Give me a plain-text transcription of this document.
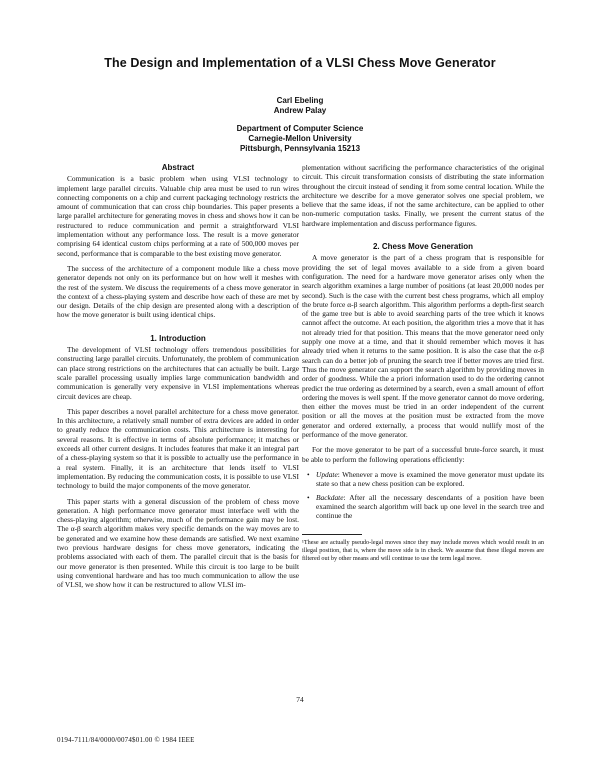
The Design and Implementation of a VLSI Chess Move Generator
Carl Ebeling
Andrew Palay
Department of Computer Science
Carnegie-Mellon University
Pittsburgh, Pennsylvania 15213
Abstract

Communication is a basic problem when using VLSI technology to implement large parallel circuits. Valuable chip area must be used to run wires connecting components on a chip and current packaging technology restricts the amount of communication that can cross chip boundaries. This paper presents a large parallel architecture for generating moves in chess and shows how it can be restructured to reduce communication and permit a straightforward VLSI implementation without any performance loss. The result is a move generator comprising 64 identical custom chips performing at a rate of 500,000 moves per second, performance that is comparable to the best existing move generator.

The success of the architecture of a component module like a chess move generator depends not only on its performance but on how well it meshes with the rest of the system. We discuss the requirements of a chess move generator in the context of a chess-playing system and describe how each of these are met by our design. Details of the chip design are presented along with a description of how the move generator is built using identical chips.

1. Introduction

The development of VLSI technology offers tremendous possibilities for constructing large parallel circuits. Unfortunately, the problem of communication can place strong restrictions on the architectures that can actually be built. Large scale parallel processing usually implies large communication bandwidth and communication is generally very expensive in VLSI implementations whereas circuit devices are cheap.

This paper describes a novel parallel architecture for a chess move generator. In this architecture, a relatively small number of extra devices are added in order to greatly reduce the communication costs. This architecture is interesting for several reasons. It is effective in terms of absolute performance; it matches or exceeds all other current designs. It includes features that make it an integral part of a chess-playing system so that it is possible to actually use the performance in a real system. Finally, it is an architecture that lends itself to VLSI implementation. By reducing the communication costs, it is possible to use VLSI technology to build the major components of the move generator.

This paper starts with a general discussion of the problem of chess move generation. A high performance move generator must interface well with the chess-playing algorithm; otherwise, much of the performance gain may be lost. The α-β search algorithm makes very specific demands on the way moves are to be generated and we examine how these demands are satisfied. We next examine two previous hardware designs for chess move generators, indicating the problems associated with each of them. The parallel circuit that is the basis for our move generator is then presented. While this circuit is too large to be built using conventional hardware and has too much communication to allow the use of VLSI, we show how it can be restructured to allow VLSI im-

plementation without sacrificing the performance characteristics of the original circuit. This circuit transformation consists of distributing the state information throughout the circuit instead of sending it from some central location. While the architecture we describe for a move generator solves one special problem, we believe that the same ideas, if not the same architecture, can be applied to other non-numeric computation tasks. Finally, we present the current status of the hardware implementation and discuss performance figures.

2. Chess Move Generation

A move generator is the part of a chess program that is responsible for providing the set of legal moves available to a side from a given board configuration. The need for a hardware move generator arises only when the search algorithm examines a large number of positions (at least 20,000 nodes per second). Such is the case with the current best chess programs, which all employ the brute force α-β search algorithm. This algorithm performs a depth-first search of the game tree but is able to avoid searching parts of the tree which it knows cannot affect the outcome. At each position, the algorithm tries a move that it has not already tried for that position. This means that the move generator need only supply one move at a time, and that it should remember which moves it has already tried when it returns to the same position. It is also the case that the α-β search can do a better job of pruning the search tree if better moves are tried first. Thus the move generator can support the search algorithm by providing moves in order of goodness. While the a priori information used to do the ordering cannot predict the true ordering as determined by a search, even a small amount of effort ordering the moves is well spent. If the move generator cannot do move ordering, then either the moves must be tried in an order independent of the current position or all the moves at the position must be extracted from the move generator and ordered externally, a process that would nullify most of the performance of the move generator.

For the move generator to be part of a successful brute-force search, it must be able to perform the following operations efficiently:

• Update: Whenever a move is examined the move generator must update its state so that a new chess position can be explored.
• Backdate: After all the necessary descendants of a position have been examined the search algorithm will back up one level in the search tree and continue the
¹These are actually pseudo-legal moves since they may include moves which would result in an illegal position, that is, where the move side is in check. We assume that these illegal moves are filtered out by other means and will continue to use the term legal move.
74
0194-7111/84/0000/0074$01.00 © 1984 IEEE
